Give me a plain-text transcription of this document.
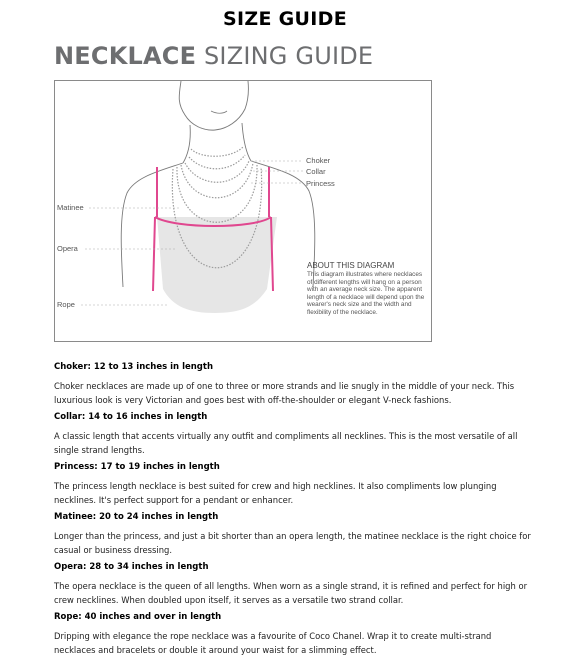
SIZE GUIDE
NECKLACE SIZING GUIDE
Choker
Collar
Princess
Matinee
Opera
Rope
ABOUT THIS DIAGRAM
This diagram illustrates where necklaces of different lengths will hang on a person with an average neck size. The apparent length of a necklace will depend upon the wearer's neck size and the width and flexibility of the necklace.

Choker: 12 to 13 inches in length

Choker necklaces are made up of one to three or more strands and lie snugly in the middle of your neck. This luxurious look is very Victorian and goes best with off-the-shoulder or elegant V-neck fashions.

Collar: 14 to 16 inches in length

A classic length that accents virtually any outfit and compliments all necklines. This is the most versatile of all single strand lengths.

Princess: 17 to 19 inches in length

The princess length necklace is best suited for crew and high necklines. It also compliments low plunging necklines. It's perfect support for a pendant or enhancer.

Matinee: 20 to 24 inches in length

Longer than the princess, and just a bit shorter than an opera length, the matinee necklace is the right choice for casual or business dressing.

Opera: 28 to 34 inches in length

The opera necklace is the queen of all lengths. When worn as a single strand, it is refined and perfect for high or crew necklines. When doubled upon itself, it serves as a versatile two strand collar.

Rope: 40 inches and over in length

Dripping with elegance the rope necklace was a favourite of Coco Chanel. Wrap it to create multi-strand necklaces and bracelets or double it around your waist for a slimming effect.
